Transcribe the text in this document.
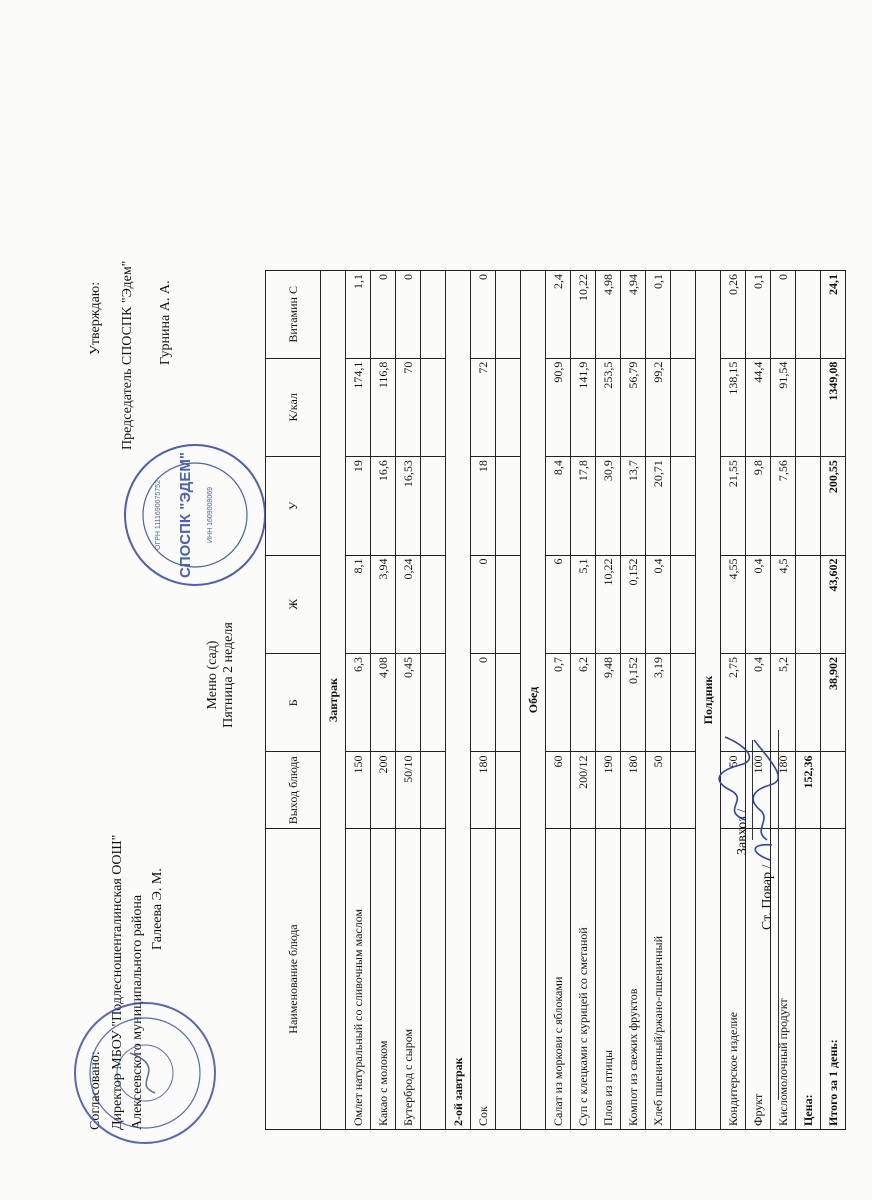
Согласовано: Директор МБОУ "Подлесношенталинская ООШ" Алексеевского муниципального района Галеева Э. М.
Утверждаю: Председатель СПОСПК "Эдем" Гурнина А. А.
Меню (сад) Пятница 2 неделя
Наименование блюда	Выход блюда	Б	Ж	У	К/кал	Витамин С
Завтрак						
Омлет натуральный со сливочным маслом	150	6,3	8,1	19	174,1	1,1
Какао с молоком	200	4,08	3,94	16,6	116,8	0
Бутерброд с сыром	50/10	0,45	0,24	16,53	70	0

2-ой завтрак						
Сок	180	0	0	18	72	0

Обед						
Салат из моркови с яблоками	60	0,7	6	8,4	90,9	2,4
Суп с клецками с курицей со сметаной	200/12	6,2	5,1	17,8	141,9	10,22
Плов из птицы	190	9,48	10,22	30,9	253,5	4,98
Компот из свежих фруктов	180	0,152	0,152	13,7	56,79	4,94
Хлеб пшеничный/ржано-пшеничный	50	3,19	0,4	20,71	99,2	0,1

Полдник						
Кондитерское изделие	50	2,75	4,55	21,55	138,15	0,26
Фрукт	100	0,4	0,4	9,8	44,4	0,1
Кисломолочный продукт	180	5,2	4,5	7,56	91,54	0
Цена:	152,36					
Итого за 1 день:		38,902	43,602	200,55	1349,08	24,1
Завхоз /
Ст. Повар /
СПОСПК "ЭДЕМ" ИНН 1609008069
ОГРН 1111690075752
